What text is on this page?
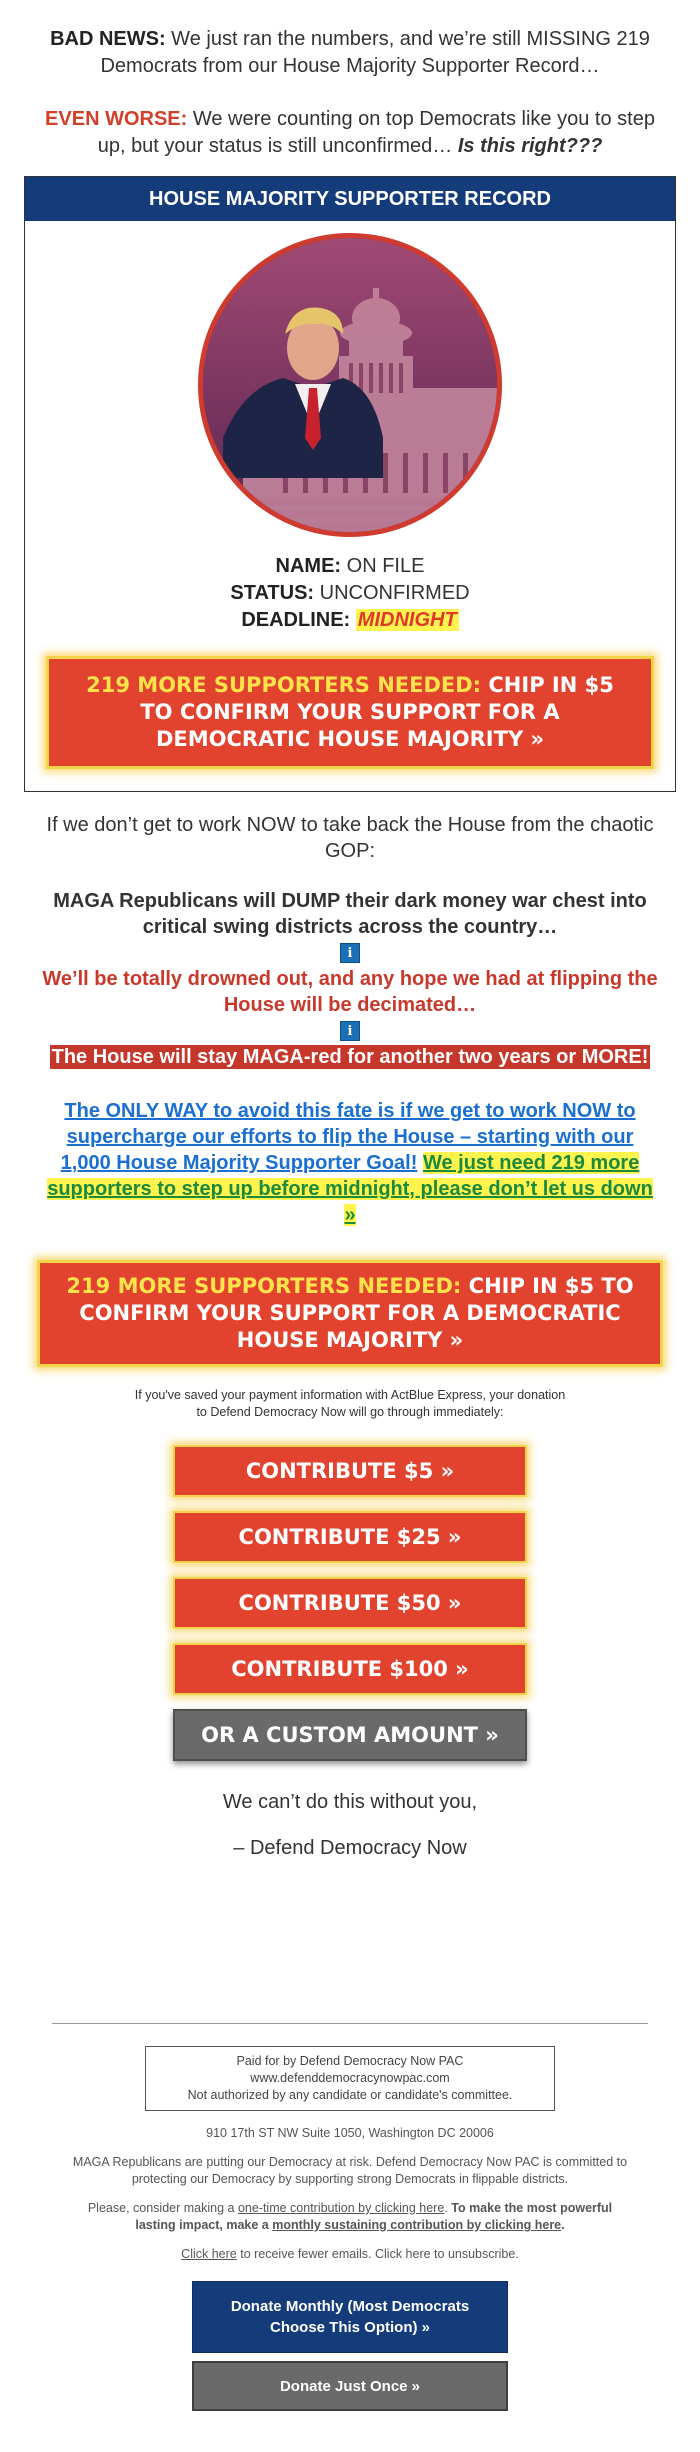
BAD NEWS: We just ran the numbers, and we’re still MISSING 219 Democrats from our House Majority Supporter Record…

EVEN WORSE: We were counting on top Democrats like you to step up, but your status is still unconfirmed… Is this right???

HOUSE MAJORITY SUPPORTER RECORD
NAME: ON FILE
STATUS: UNCONFIRMED
DEADLINE: MIDNIGHT
219 MORE SUPPORTERS NEEDED: CHIP IN $5 TO CONFIRM YOUR SUPPORT FOR A DEMOCRATIC HOUSE MAJORITY »

If we don’t get to work NOW to take back the House from the chaotic GOP:

MAGA Republicans will DUMP their dark money war chest into critical swing districts across the country…

i

We’ll be totally drowned out, and any hope we had at flipping the House will be decimated…

i

The House will stay MAGA-red for another two years or MORE!

The ONLY WAY to avoid this fate is if we get to work NOW to supercharge our efforts to flip the House – starting with our 1,000 House Majority Supporter Goal! We just need 219 more supporters to step up before midnight, please don’t let us down »

219 MORE SUPPORTERS NEEDED: CHIP IN $5 TO CONFIRM YOUR SUPPORT FOR A DEMOCRATIC HOUSE MAJORITY »

If you've saved your payment information with ActBlue Express, your donation
to Defend Democracy Now will go through immediately:

CONTRIBUTE $5 »
CONTRIBUTE $25 »
CONTRIBUTE $50 »
CONTRIBUTE $100 »
OR A CUSTOM AMOUNT »

We can’t do this without you,

– Defend Democracy Now

Paid for by Defend Democracy Now PAC
www.defenddemocracynowpac.com
Not authorized by any candidate or candidate's committee.

910 17th ST NW Suite 1050, Washington DC 20006

MAGA Republicans are putting our Democracy at risk. Defend Democracy Now PAC is committed to protecting our Democracy by supporting strong Democrats in flippable districts.

Please, consider making a one-time contribution by clicking here. To make the most powerful lasting impact, make a monthly sustaining contribution by clicking here.

Click here to receive fewer emails. Click here to unsubscribe.

Donate Monthly (Most Democrats Choose This Option) »
Donate Just Once »
